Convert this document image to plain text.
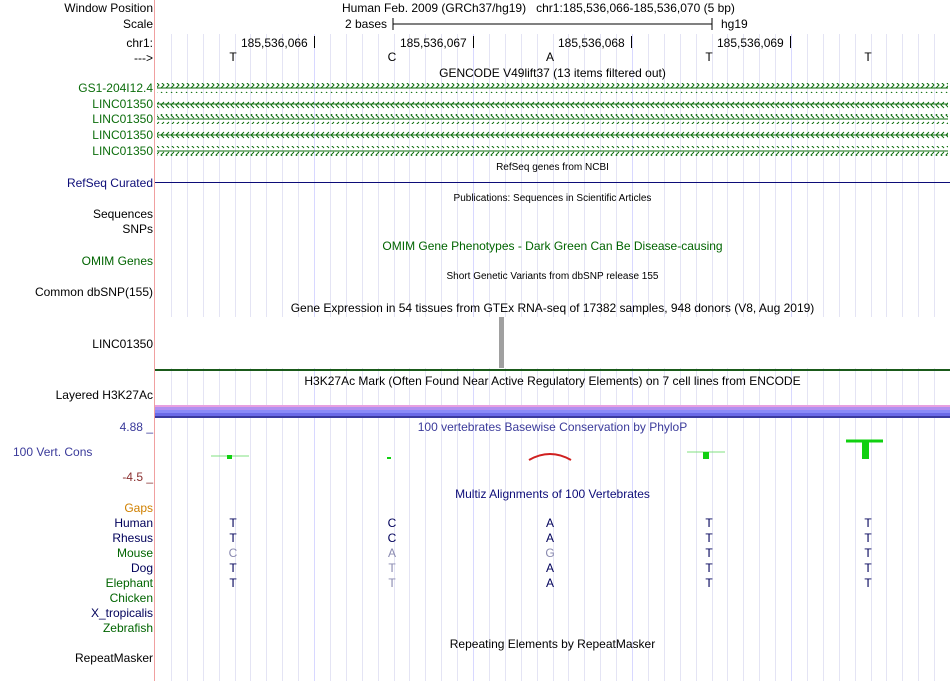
Window Position	Human Feb. 2009 (GRCh37/hg19)   chr1:185,536,066-185,536,070 (5 bp)
Scale	2 bases	hg19
chr1:	185,536,066	185,536,067	185,536,068	185,536,069
--->	T	C	A	T	T
GENCODE V49lift37 (13 items filtered out)
GS1-204I12.4
LINC01350
LINC01350
LINC01350
LINC01350
RefSeq genes from NCBI
RefSeq Curated
Publications: Sequences in Scientific Articles
Sequences
SNPs
OMIM Gene Phenotypes - Dark Green Can Be Disease-causing
OMIM Genes
Short Genetic Variants from dbSNP release 155
Common dbSNP(155)
Gene Expression in 54 tissues from GTEx RNA-seq of 17382 samples, 948 donors (V8, Aug 2019)
LINC01350
H3K27Ac Mark (Often Found Near Active Regulatory Elements) on 7 cell lines from ENCODE
Layered H3K27Ac
100 vertebrates Basewise Conservation by PhyloP
4.88 _
100 Vert. Cons
-4.5 _
Gaps
Multiz Alignments of 100 Vertebrates
Human	T	C	A	T	T
Rhesus	T	C	A	T	T
Mouse	C	A	G	T	T
Dog	T	T	A	T	T
Elephant	T	T	A	T	T
Chicken
X_tropicalis
Zebrafish
Repeating Elements by RepeatMasker
RepeatMasker
